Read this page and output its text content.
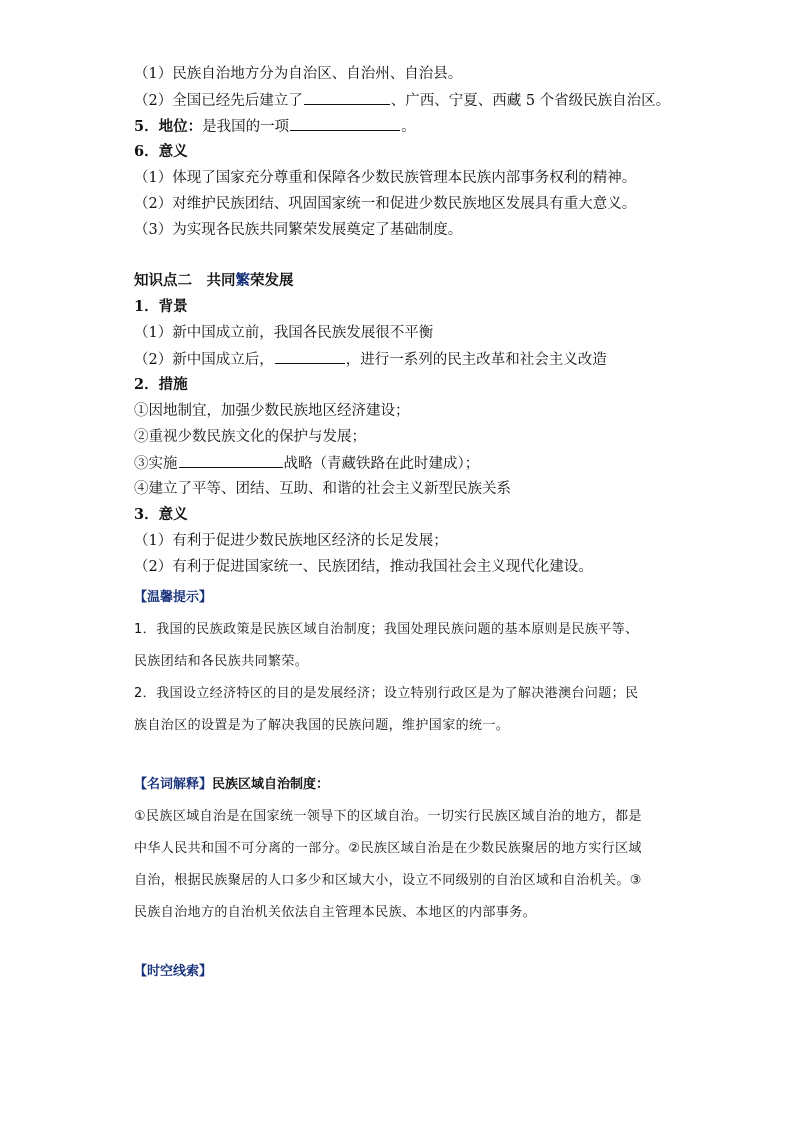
（1）民族自治地方分为自治区、自治州、自治县。
（2）全国已经先后建立了	、广西、宁夏、西藏 5 个省级民族自治区。
5．地位：是我国的一项	。
6．意义
（1）体现了国家充分尊重和保障各少数民族管理本民族内部事务权利的精神。
（2）对维护民族团结、巩固国家统一和促进少数民族地区发展具有重大意义。
（3）为实现各民族共同繁荣发展奠定了基础制度。
知识点二　共同繁荣发展
1．背景
（1）新中国成立前，我国各民族发展很不平衡
（2）新中国成立后，	，进行一系列的民主改革和社会主义改造
2．措施
①因地制宜，加强少数民族地区经济建设；
②重视少数民族文化的保护与发展；
③实施	战略（青藏铁路在此时建成）；
④建立了平等、团结、互助、和谐的社会主义新型民族关系
3．意义
（1）有利于促进少数民族地区经济的长足发展；
（2）有利于促进国家统一、民族团结，推动我国社会主义现代化建设。
【温馨提示】
1．我国的民族政策是民族区域自治制度；我国处理民族问题的基本原则是民族平等、
民族团结和各民族共同繁荣。
2．我国设立经济特区的目的是发展经济；设立特别行政区是为了解决港澳台问题；民
族自治区的设置是为了解决我国的民族问题，维护国家的统一。
【名词解释】民族区域自治制度：
①民族区域自治是在国家统一领导下的区域自治。一切实行民族区域自治的地方，都是
中华人民共和国不可分离的一部分。②民族区域自治是在少数民族聚居的地方实行区域
自治，根据民族聚居的人口多少和区域大小，设立不同级别的自治区域和自治机关。③
民族自治地方的自治机关依法自主管理本民族、本地区的内部事务。
【时空线索】
